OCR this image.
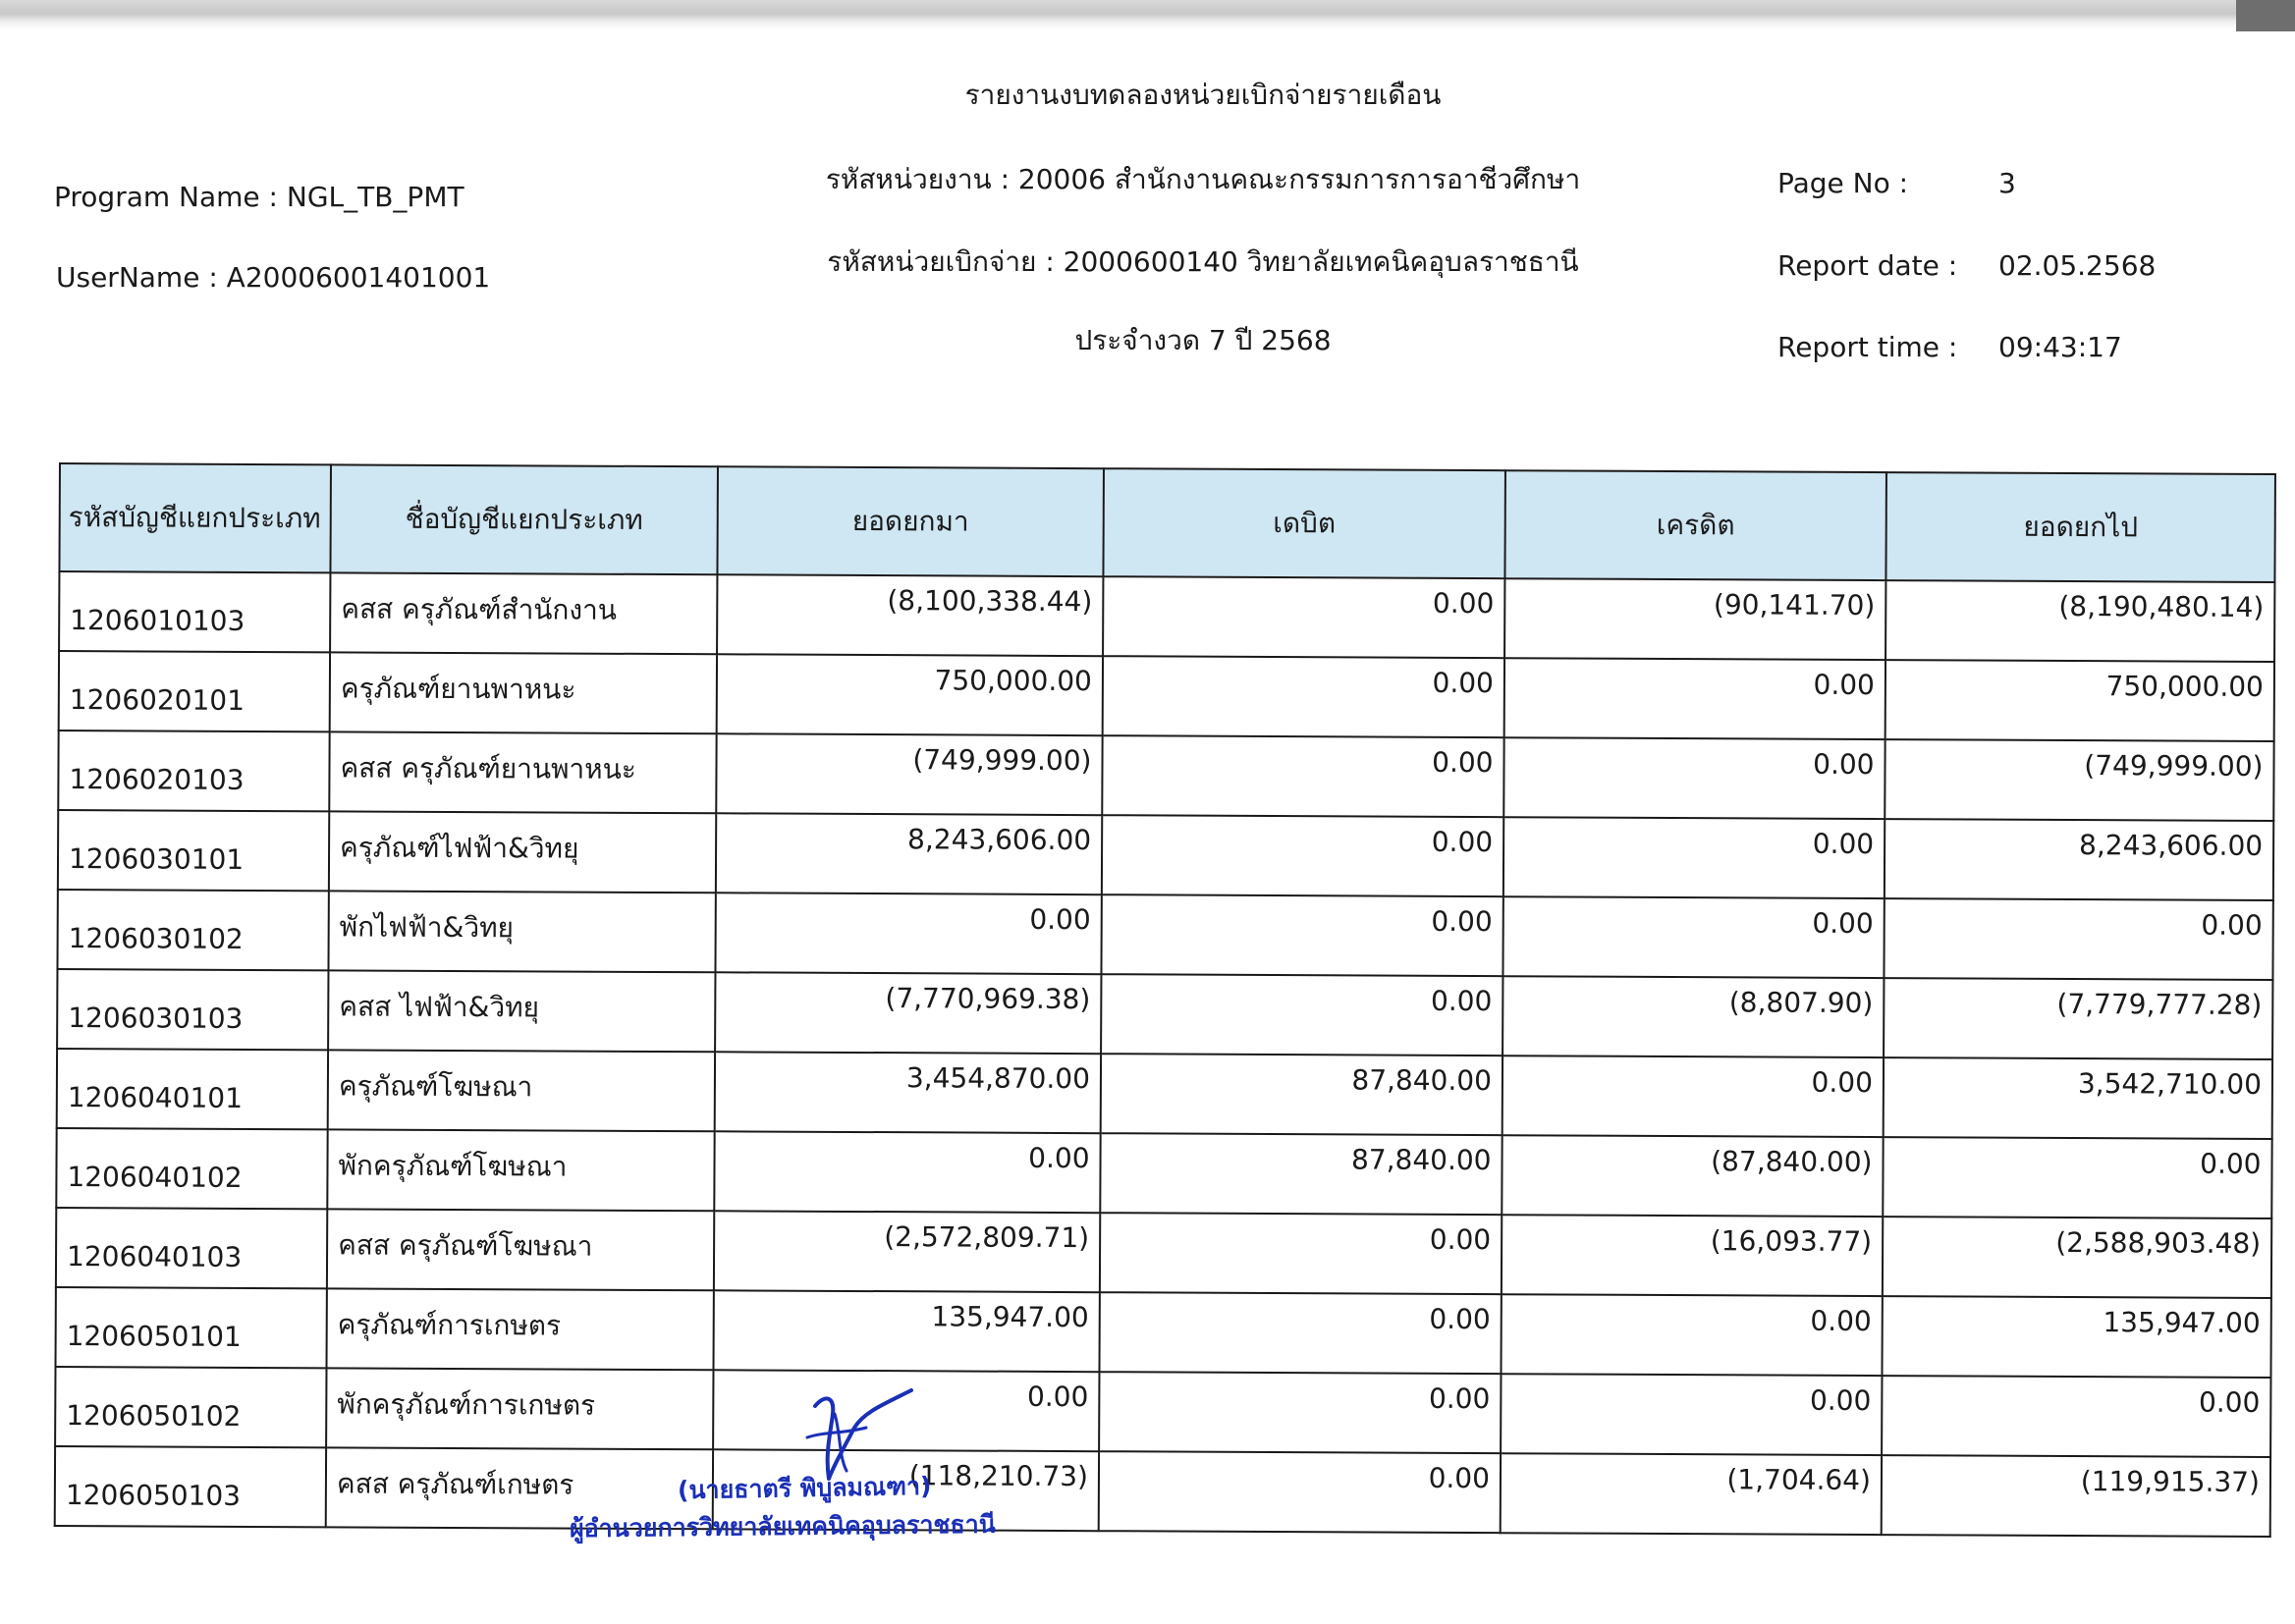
รายงานงบทดลองหน่วยเบิกจ่ายรายเดือน
รหัสหน่วยงาน : 20006 สำนักงานคณะกรรมการการอาชีวศึกษา
รหัสหน่วยเบิกจ่าย : 2000600140 วิทยาลัยเทคนิคอุบลราชธานี
ประจำงวด 7 ปี 2568
Program Name : NGL_TB_PMT
UserName : A20006001401001
Page No :	3
Report date : 02.05.2568
Report time : 09:43:17
รหัสบัญชีแยกประเภท	ชื่อบัญชีแยกประเภท	ยอดยกมา	เดบิต	เครดิต	ยอดยกไป
1206010103	คสส ครุภัณฑ์สำนักงาน	(8,100,338.44)	0.00	(90,141.70)	(8,190,480.14)
1206020101	ครุภัณฑ์ยานพาหนะ	750,000.00	0.00	0.00	750,000.00
1206020103	คสส ครุภัณฑ์ยานพาหนะ	(749,999.00)	0.00	0.00	(749,999.00)
1206030101	ครุภัณฑ์ไฟฟ้า&วิทยุ	8,243,606.00	0.00	0.00	8,243,606.00
1206030102	พักไฟฟ้า&วิทยุ	0.00	0.00	0.00	0.00
1206030103	คสส ไฟฟ้า&วิทยุ	(7,770,969.38)	0.00	(8,807.90)	(7,779,777.28)
1206040101	ครุภัณฑ์โฆษณา	3,454,870.00	87,840.00	0.00	3,542,710.00
1206040102	พักครุภัณฑ์โฆษณา	0.00	87,840.00	(87,840.00)	0.00
1206040103	คสส ครุภัณฑ์โฆษณา	(2,572,809.71)	0.00	(16,093.77)	(2,588,903.48)
1206050101	ครุภัณฑ์การเกษตร	135,947.00	0.00	0.00	135,947.00
1206050102	พักครุภัณฑ์การเกษตร	0.00	0.00	0.00	0.00
1206050103	คสส ครุภัณฑ์เกษตร	(118,210.73)	0.00	(1,704.64)	(119,915.37)
(นายธาตรี พิบูลมณฑา)
ผู้อำนวยการวิทยาลัยเทคนิคอุบลราชธานี
